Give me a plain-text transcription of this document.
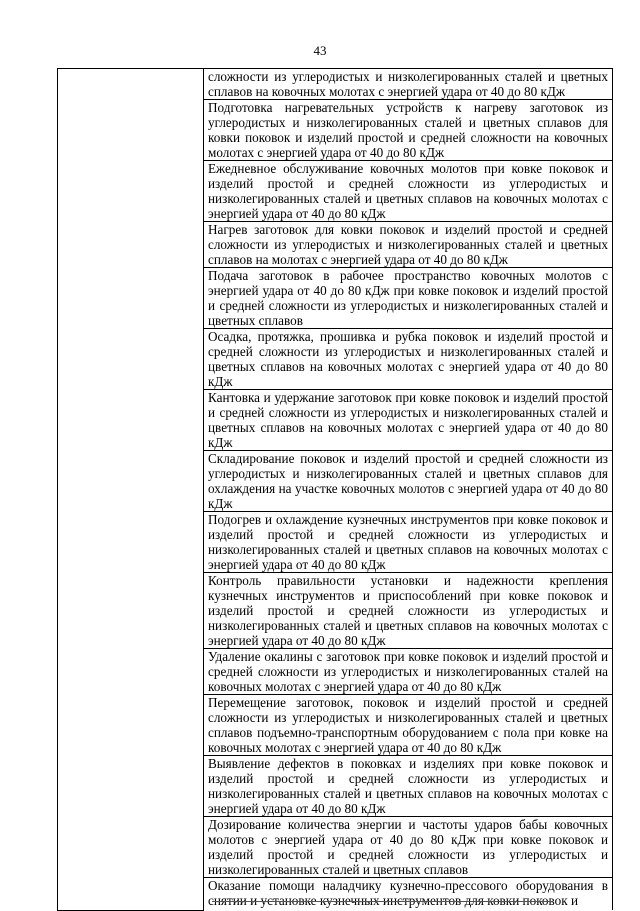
43

сложности из углеродистых и низколегированных сталей и цветных сплавов на ковочных молотах с энергией удара от 40 до 80 кДж

Подготовка нагревательных устройств к нагреву заготовок из углеродистых и низколегированных сталей и цветных сплавов для ковки поковок и изделий простой и средней сложности на ковочных молотах с энергией удара от 40 до 80 кДж

Ежедневное обслуживание ковочных молотов при ковке поковок и изделий простой и средней сложности из углеродистых и низколегированных сталей и цветных сплавов на ковочных молотах с энергией удара от 40 до 80 кДж

Нагрев заготовок для ковки поковок и изделий простой и средней сложности из углеродистых и низколегированных сталей и цветных сплавов на молотах с энергией удара от 40 до 80 кДж

Подача заготовок в рабочее пространство ковочных молотов с энергией удара от 40 до 80 кДж при ковке поковок и изделий простой и средней сложности из углеродистых и низколегированных сталей и цветных сплавов

Осадка, протяжка, прошивка и рубка поковок и изделий простой и средней сложности из углеродистых и низколегированных сталей и цветных сплавов на ковочных молотах с энергией удара от 40 до 80 кДж

Кантовка и удержание заготовок при ковке поковок и изделий простой и средней сложности из углеродистых и низколегированных сталей и цветных сплавов на ковочных молотах с энергией удара от 40 до 80 кДж

Складирование поковок и изделий простой и средней сложности из углеродистых и низколегированных сталей и цветных сплавов для охлаждения на участке ковочных молотов с энергией удара от 40 до 80 кДж

Подогрев и охлаждение кузнечных инструментов при ковке поковок и изделий простой и средней сложности из углеродистых и низколегированных сталей и цветных сплавов на ковочных молотах с энергией удара от 40 до 80 кДж

Контроль правильности установки и надежности крепления кузнечных инструментов и приспособлений при ковке поковок и изделий простой и средней сложности из углеродистых и низколегированных сталей и цветных сплавов на ковочных молотах с энергией удара от 40 до 80 кДж

Удаление окалины с заготовок при ковке поковок и изделий простой и средней сложности из углеродистых и низколегированных сталей на ковочных молотах с энергией удара от 40 до 80 кДж

Перемещение заготовок, поковок и изделий простой и средней сложности из углеродистых и низколегированных сталей и цветных сплавов подъемно-транспортным оборудованием с пола при ковке на ковочных молотах с энергией удара от 40 до 80 кДж

Выявление дефектов в поковках и изделиях при ковке поковок и изделий простой и средней сложности из углеродистых и низколегированных сталей и цветных сплавов на ковочных молотах с энергией удара от 40 до 80 кДж

Дозирование количества энергии и частоты ударов бабы ковочных молотов с энергией удара от 40 до 80 кДж при ковке поковок и изделий простой и средней сложности из углеродистых и низколегированных сталей и цветных сплавов

Оказание помощи наладчику кузнечно-прессового оборудования в снятии и установке кузнечных инструментов для ковки поковок и
